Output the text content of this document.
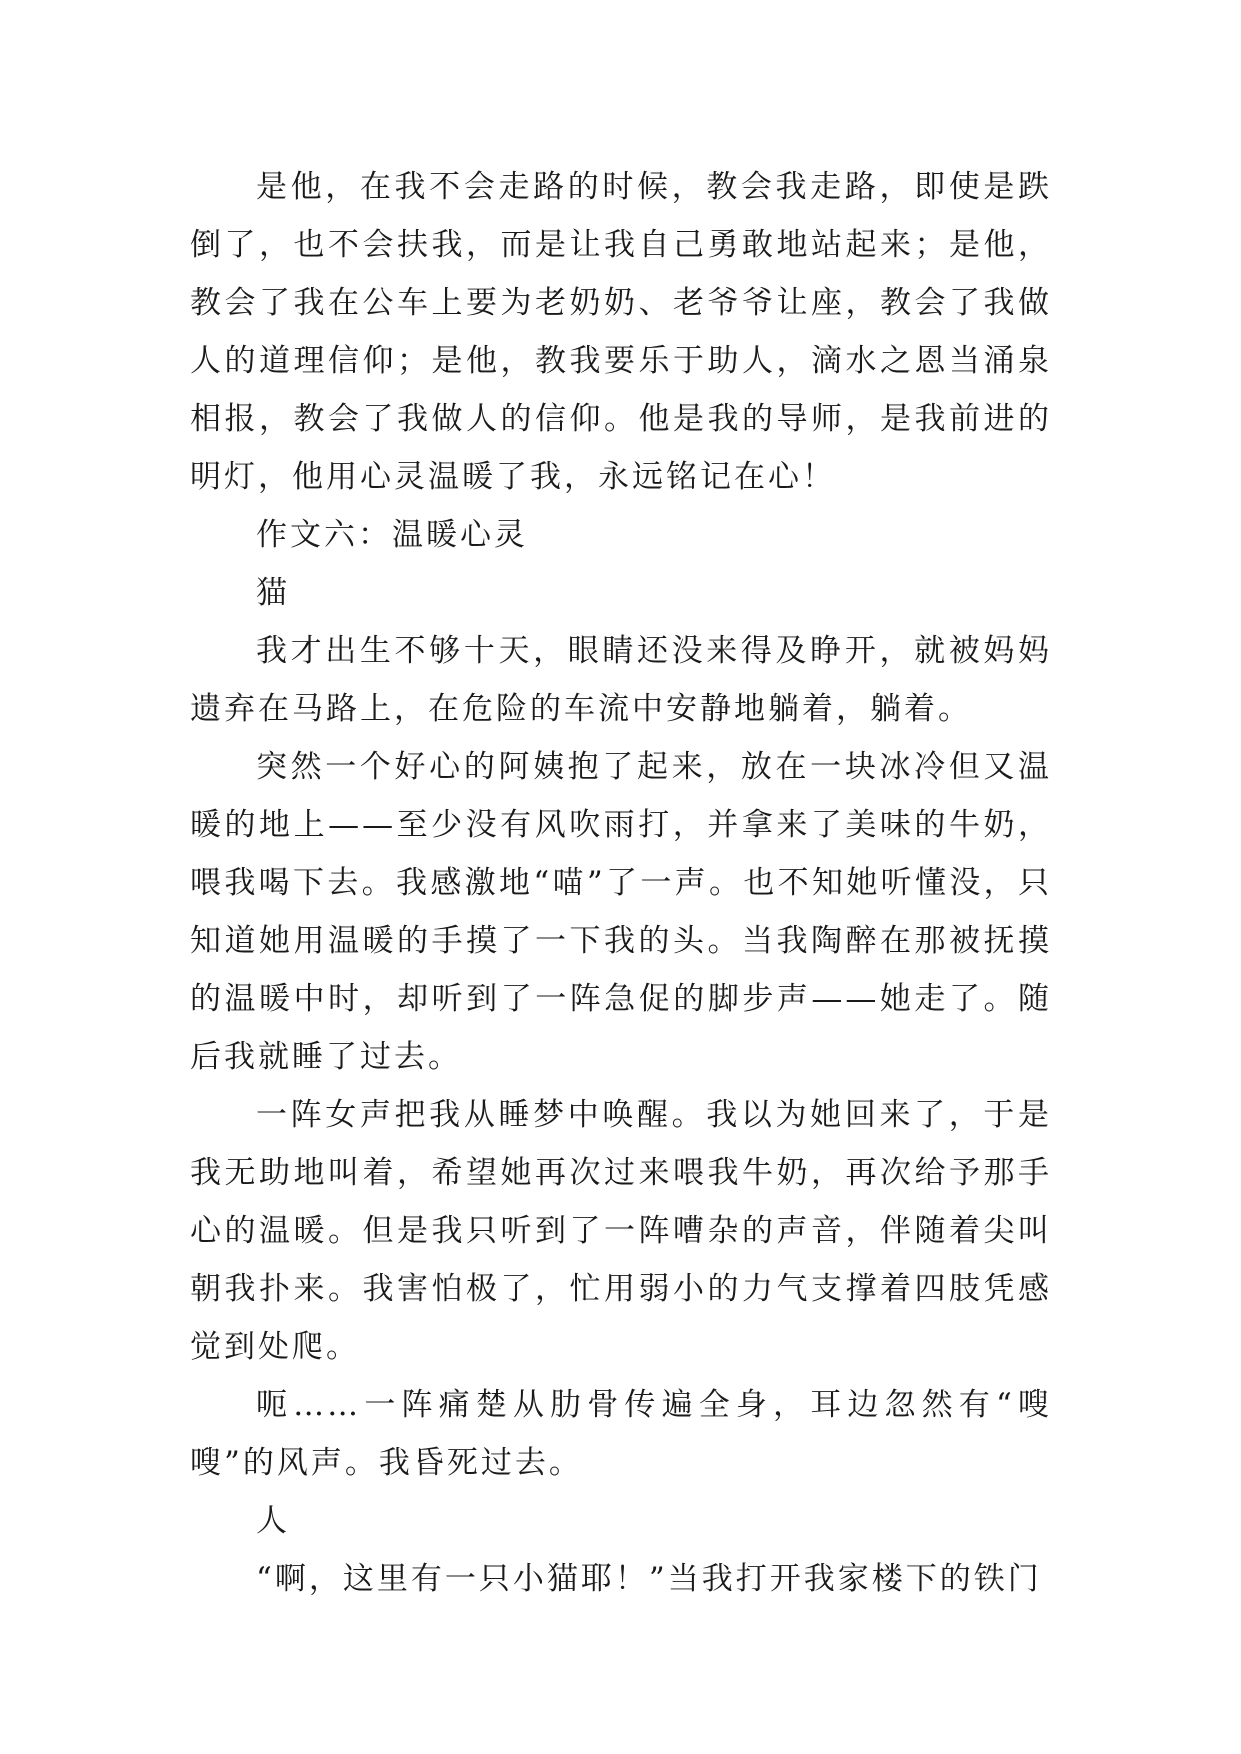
是他，在我不会走路的时候，教会我走路，即使是跌倒了，也不会扶我，而是让我自己勇敢地站起来；是他，教会了我在公车上要为老奶奶、老爷爷让座，教会了我做人的道理信仰；是他，教我要乐于助人，滴水之恩当涌泉相报，教会了我做人的信仰。他是我的导师，是我前进的明灯，他用心灵温暖了我，永远铭记在心！

作文六：温暖心灵

猫

我才出生不够十天，眼睛还没来得及睁开，就被妈妈遗弃在马路上，在危险的车流中安静地躺着，躺着。

突然一个好心的阿姨抱了起来，放在一块冰冷但又温暖的地上——至少没有风吹雨打，并拿来了美味的牛奶，喂我喝下去。我感激地“喵”了一声。也不知她听懂没，只知道她用温暖的手摸了一下我的头。当我陶醉在那被抚摸的温暖中时，却听到了一阵急促的脚步声——她走了。随后我就睡了过去。

一阵女声把我从睡梦中唤醒。我以为她回来了，于是我无助地叫着，希望她再次过来喂我牛奶，再次给予那手心的温暖。但是我只听到了一阵嘈杂的声音，伴随着尖叫朝我扑来。我害怕极了，忙用弱小的力气支撑着四肢凭感觉到处爬。

呃……一阵痛楚从肋骨传遍全身，耳边忽然有“嗖嗖”的风声。我昏死过去。

人

“啊，这里有一只小猫耶！”当我打开我家楼下的铁门
